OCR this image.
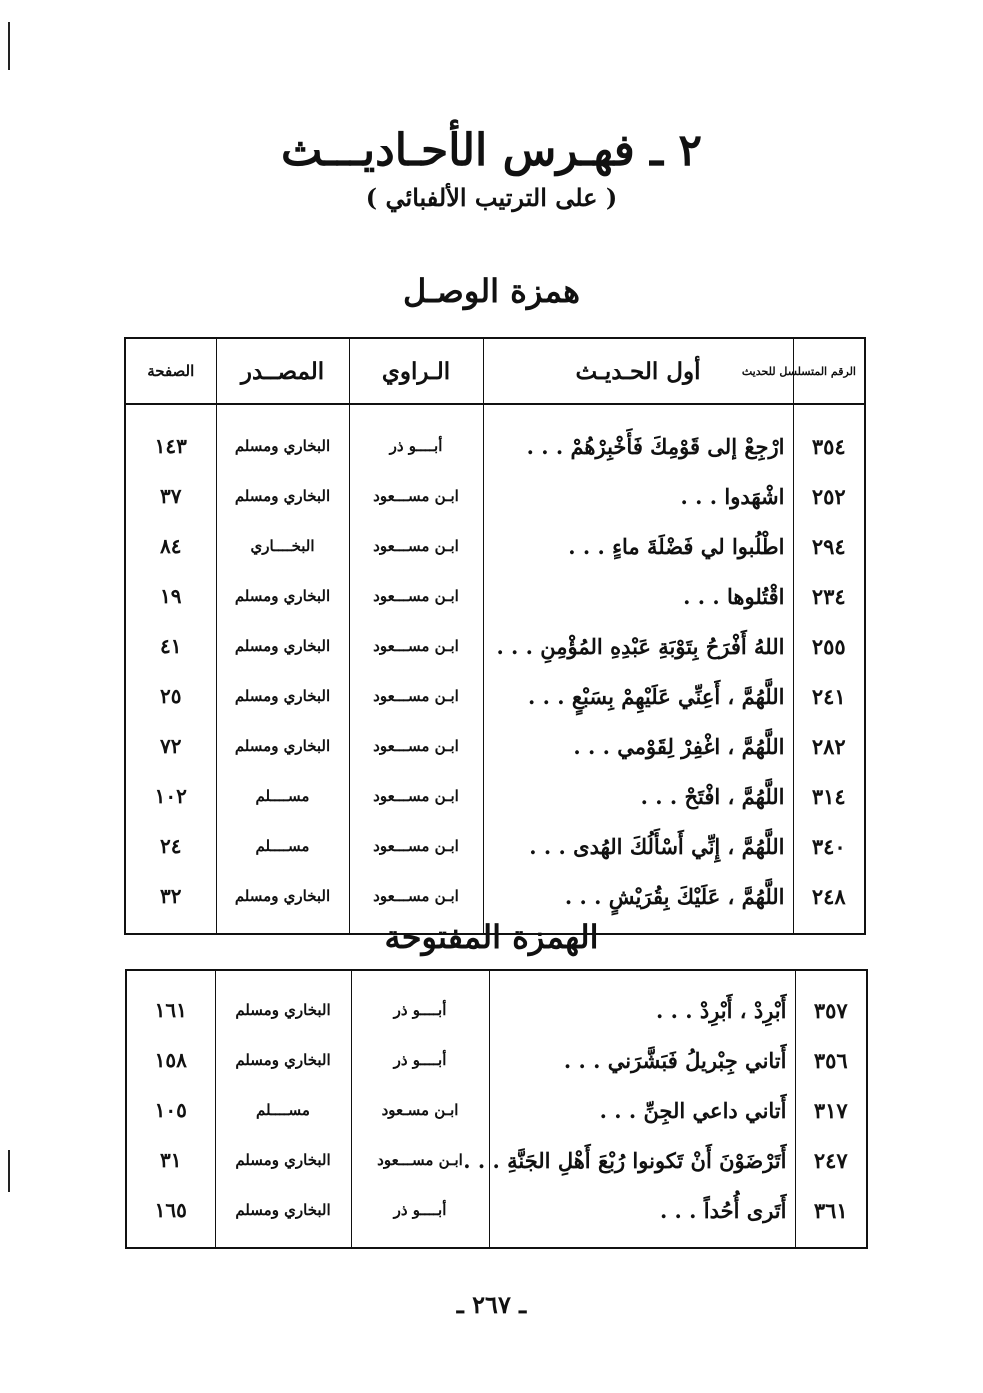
٢ ـ فهـرس الأحـاديـــث
( على الترتيب الألفبائي )
همزة الوصـل
الرقم المتسلسل للحديث	أول الحـديـث	الـراوي	المصــدر	الصفحة
٣٥٤	ارْجِعْ إلى قَوْمِكَ فَأَخْبِرْهُمْ . . .	أبــــو ذر	البخاري ومسلم	١٤٣
٢٥٢	اشْهَدوا . . .	ابـن مســـعود	البخاري ومسلم	٣٧
٢٩٤	اطْلُبوا لي فَضْلَةَ ماءٍ . . .	ابـن مســـعود	البخــــاري	٨٤
٢٣٤	اقْتُلوها . . .	ابـن مســـعود	البخاري ومسلم	١٩
٢٥٥	اللهُ أَفْرَحُ بِتَوْبَةِ عَبْدِهِ المُؤْمِنِ . . .	ابـن مســـعود	البخاري ومسلم	٤١
٢٤١	اللَّهُمَّ ، أَعِنِّي عَلَيْهِمْ بِسَبْعٍ . . .	ابـن مســـعود	البخاري ومسلم	٢٥
٢٨٢	اللَّهُمَّ ، اغْفِرْ لِقَوْمي . . .	ابـن مســـعود	البخاري ومسلم	٧٢
٣١٤	اللَّهُمَّ ، افْتَحْ . . .	ابـن مســـعود	مســــلم	١٠٢
٣٤٠	اللَّهُمَّ ، إِنِّي أَسْأَلُكَ الهُدى . . .	ابـن مســـعود	مســــلم	٢٤
٢٤٨	اللَّهُمَّ ، عَلَيْكَ بِقُرَيْشٍ . . .	ابـن مســـعود	البخاري ومسلم	٣٢
الهمزة المفتوحة
٣٥٧	أَبْرِدْ ، أَبْرِدْ . . .	أبــــو ذر	البخاري ومسلم	١٦١
٣٥٦	أَتاني جِبْريلُ فَبَشَّرَني . . .	أبــــو ذر	البخاري ومسلم	١٥٨
٣١٧	أَتاني داعي الجِنِّ . . .	ابـن مسـعود	مســــلم	١٠٥
٢٤٧	أَتَرْضَوْنَ أَنْ تَكونوا رُبْعَ أَهْلِ الجَنَّةِ . . .	ابـن مســـعود	البخاري ومسلم	٣١
٣٦١	أَتَرى أُحُداً . . .	أبــــو ذر	البخاري ومسلم	١٦٥
ـ ٢٦٧ ـ
